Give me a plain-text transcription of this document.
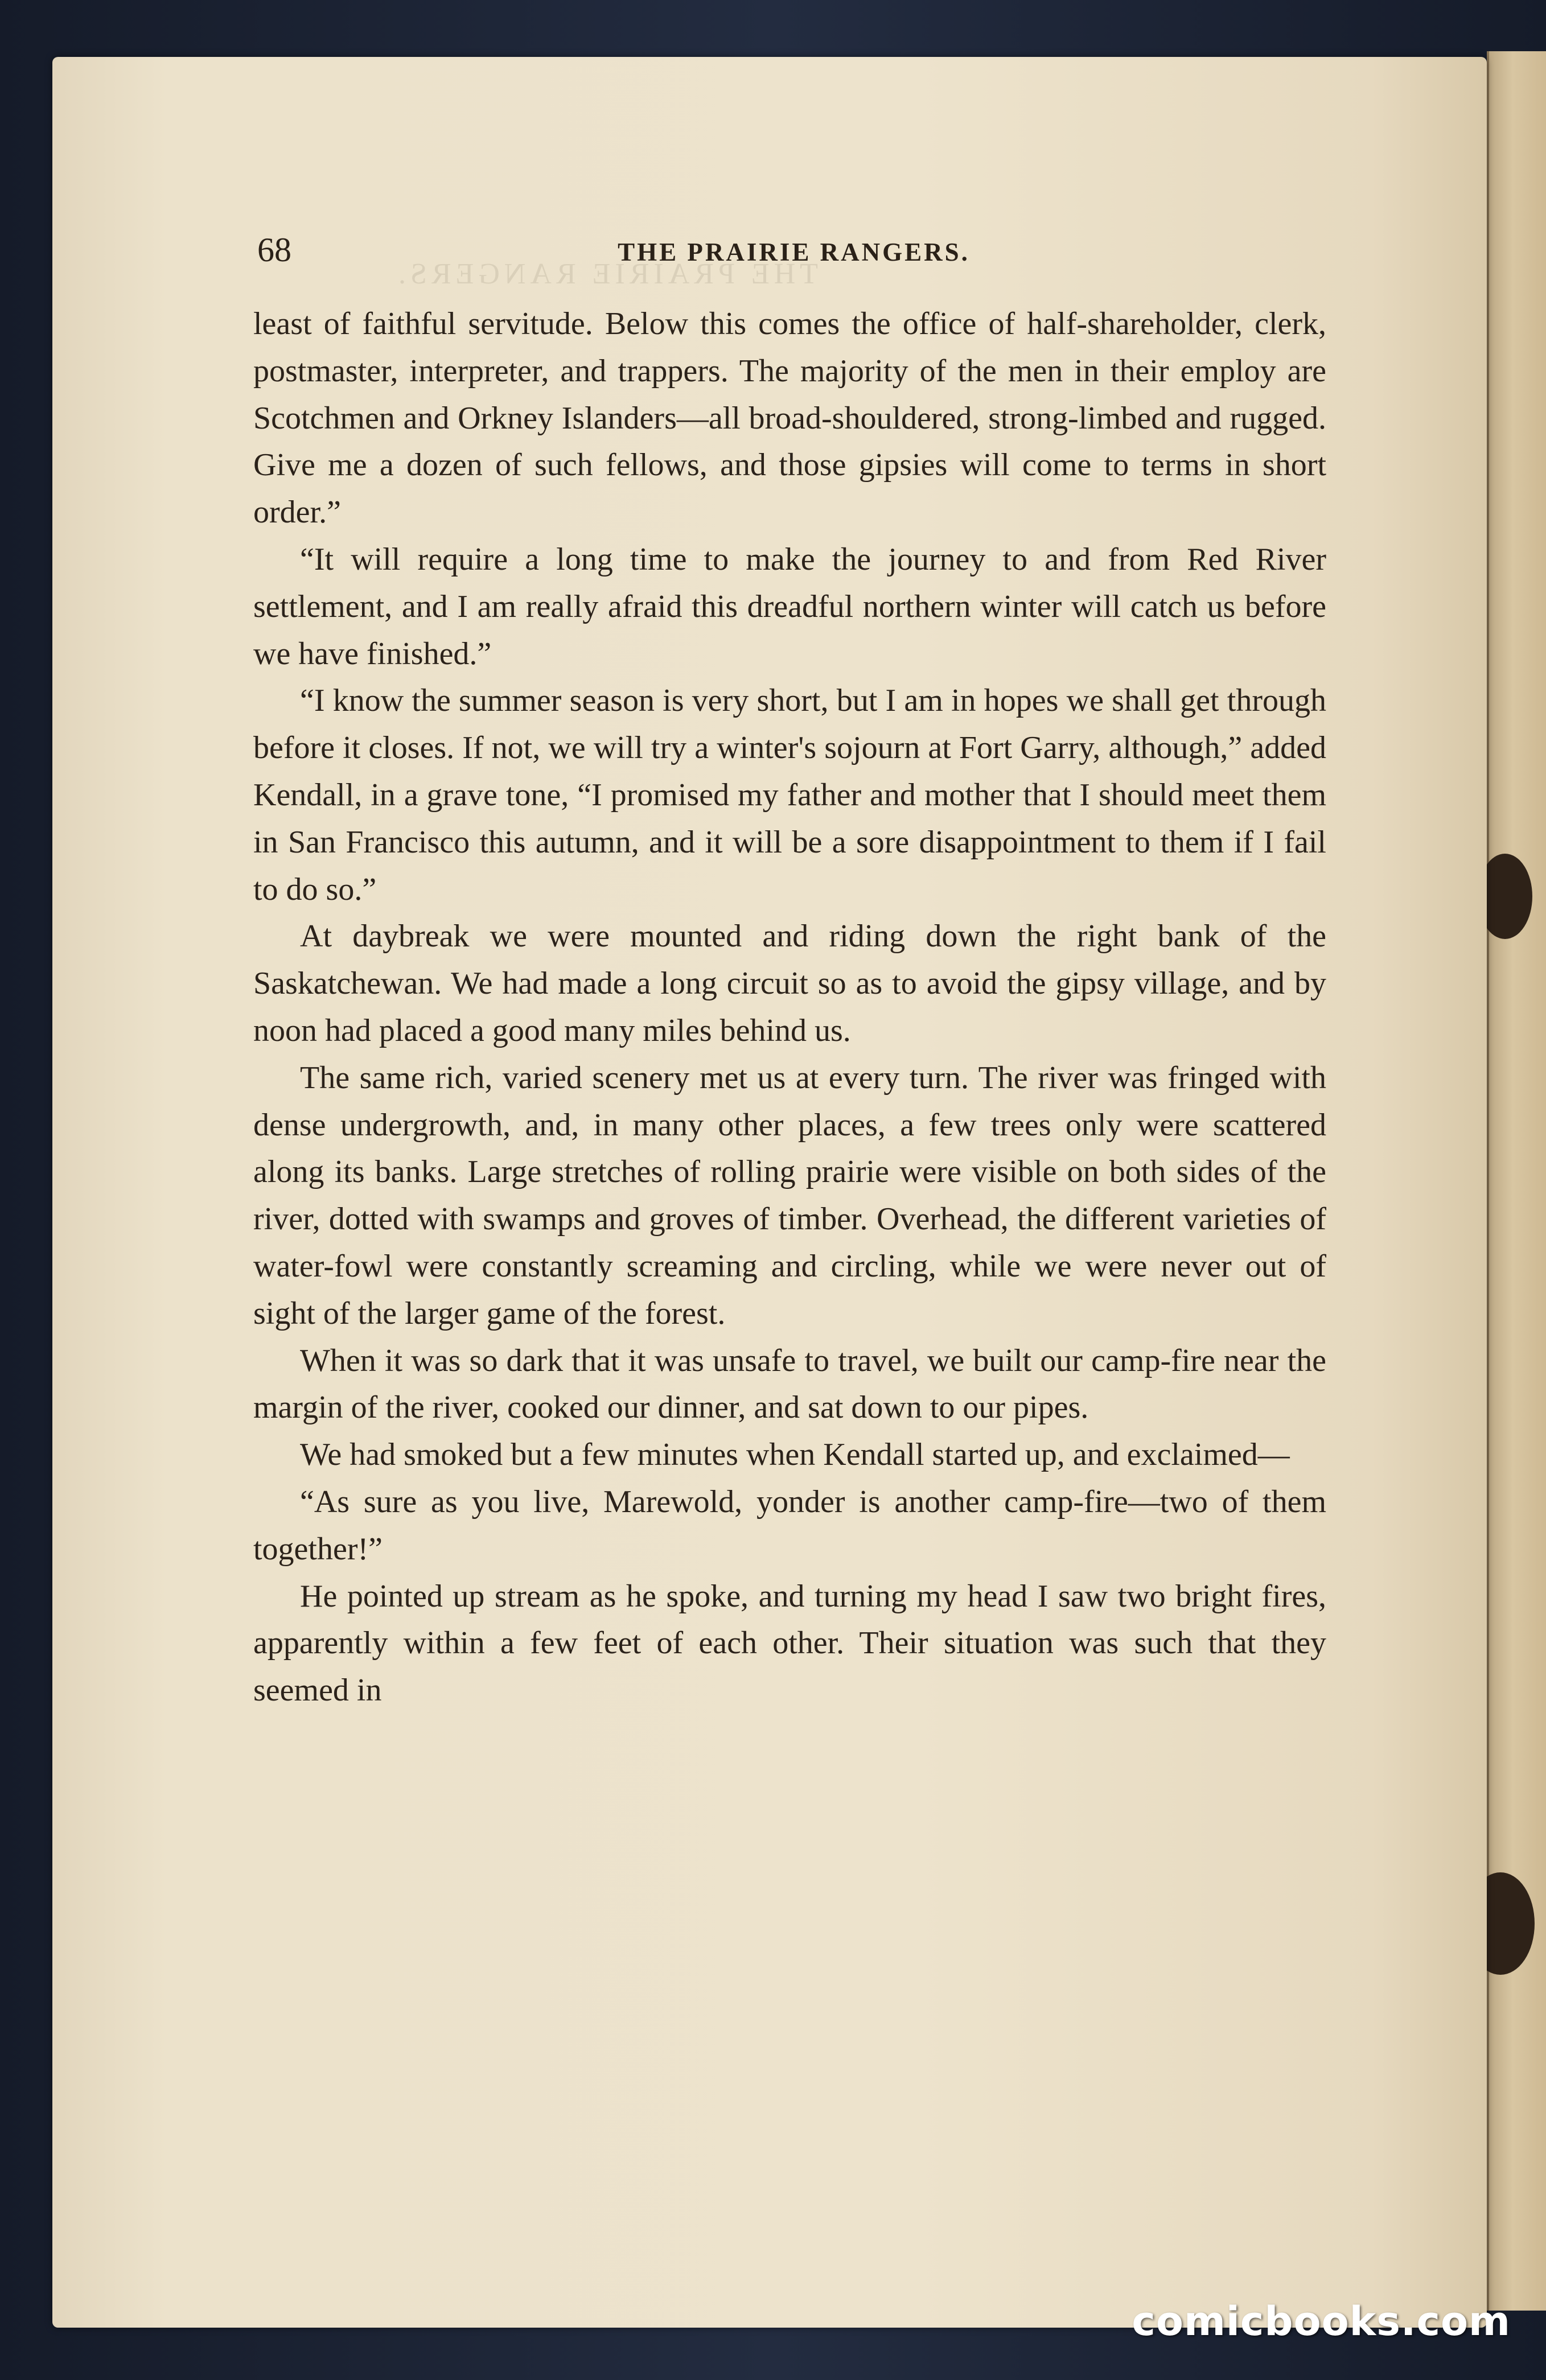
THE PRAIRIE RANGERS.
68	THE PRAIRIE RANGERS.

least of faithful servitude. Below this comes the office of half-shareholder, clerk, postmaster, interpreter, and trappers. The majority of the men in their employ are Scotchmen and Orkney Islanders—all broad-shouldered, strong-limbed and rugged. Give me a dozen of such fellows, and those gipsies will come to terms in short order.”

“It will require a long time to make the journey to and from Red River settlement, and I am really afraid this dreadful northern winter will catch us before we have finished.”

“I know the summer season is very short, but I am in hopes we shall get through before it closes. If not, we will try a winter's sojourn at Fort Garry, although,” added Kendall, in a grave tone, “I promised my father and mother that I should meet them in San Francisco this autumn, and it will be a sore disappointment to them if I fail to do so.”

At daybreak we were mounted and riding down the right bank of the Saskatchewan. We had made a long circuit so as to avoid the gipsy village, and by noon had placed a good many miles behind us.

The same rich, varied scenery met us at every turn. The river was fringed with dense undergrowth, and, in many other places, a few trees only were scattered along its banks. Large stretches of rolling prairie were visible on both sides of the river, dotted with swamps and groves of timber. Overhead, the different varieties of water-fowl were constantly screaming and circling, while we were never out of sight of the larger game of the forest.

When it was so dark that it was unsafe to travel, we built our camp-fire near the margin of the river, cooked our dinner, and sat down to our pipes.

We had smoked but a few minutes when Kendall started up, and exclaimed—

“As sure as you live, Marewold, yonder is another camp-fire—two of them together!”

He pointed up stream as he spoke, and turning my head I saw two bright fires, apparently within a few feet of each other. Their situation was such that they seemed in

comicbooks.com
